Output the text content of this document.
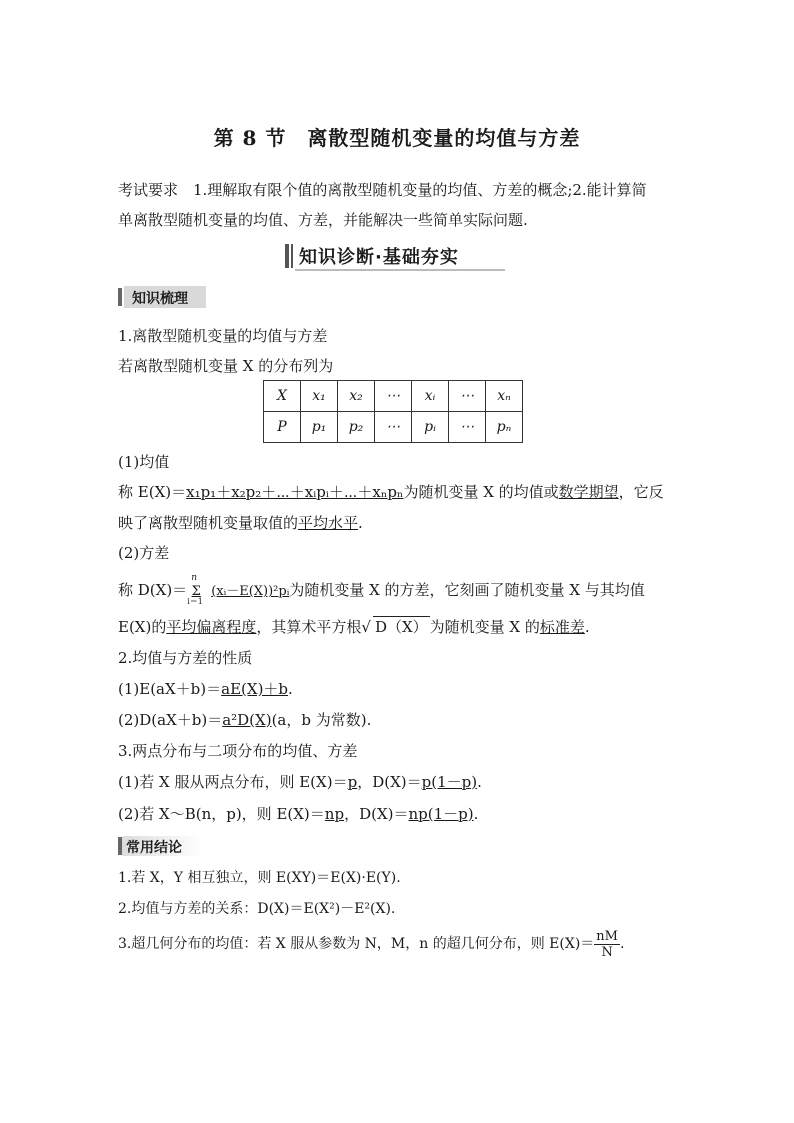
第 8 节　离散型随机变量的均值与方差
考试要求　1.理解取有限个值的离散型随机变量的均值、方差的概念;2.能计算简
单离散型随机变量的均值、方差，并能解决一些简单实际问题.
知识诊断·基础夯实
知识梳理
1.离散型随机变量的均值与方差
若离散型随机变量 X 的分布列为
X	x₁	x₂	⋯	xᵢ	⋯	xₙ
P	p₁	p₂	⋯	pᵢ	⋯	pₙ
(1)均值
称 E(X)＝x₁p₁＋x₂p₂＋⋯＋xᵢpᵢ＋⋯＋xₙpₙ为随机变量 X 的均值或数学期望，它反
映了离散型随机变量取值的平均水平.
(2)方差
称 D(X)＝
n
Σ
i＝1
(xᵢ－E(X))²pᵢ为随机变量 X 的方差，它刻画了随机变量 X 与其均值
E(X)的平均偏离程度，其算术平方根√ D（X） 为随机变量 X 的标准差.
2.均值与方差的性质
(1)E(aX＋b)＝aE(X)＋b.
(2)D(aX＋b)＝a²D(X)(a，b 为常数).
3.两点分布与二项分布的均值、方差
(1)若 X 服从两点分布，则 E(X)＝p，D(X)＝p(1－p).
(2)若 X～B(n，p)，则 E(X)＝np，D(X)＝np(1－p).
常用结论
1.若 X，Y 相互独立，则 E(XY)＝E(X)·E(Y).
2.均值与方差的关系：D(X)＝E(X²)－E²(X).
3.超几何分布的均值：若 X 服从参数为 N，M，n 的超几何分布，则 $E(X)= \frac{nM}{N}$ .
